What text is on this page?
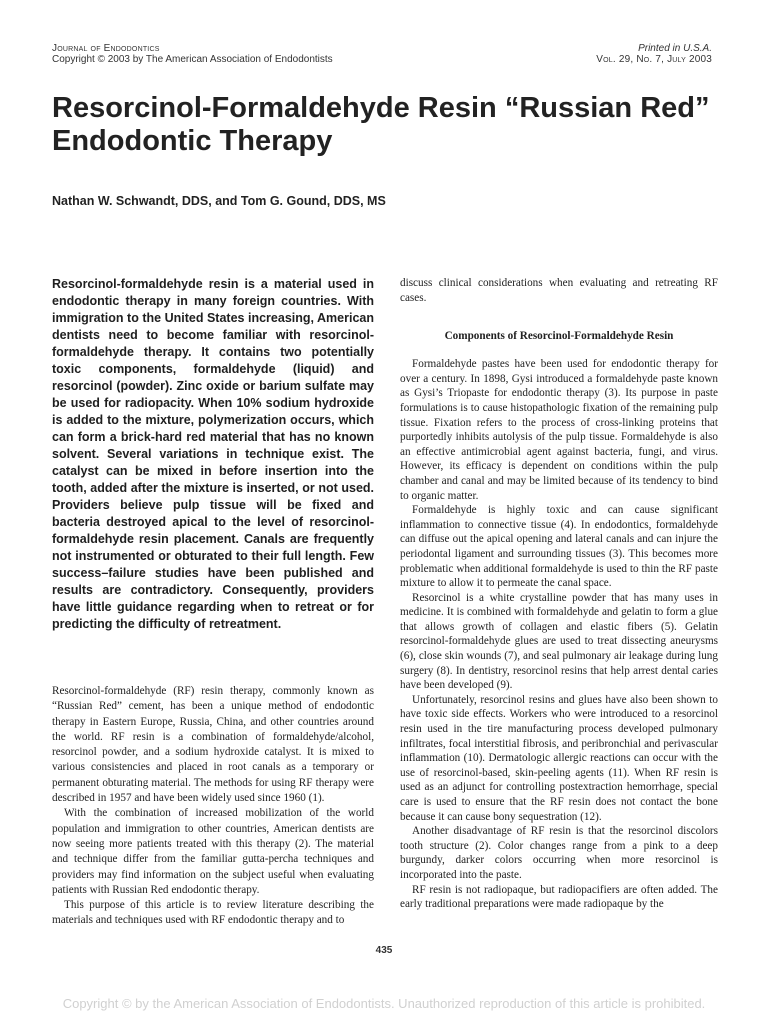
Journal of Endodontics
Copyright © 2003 by The American Association of Endodontists
Printed in U.S.A.
Vol. 29, No. 7, July 2003
Resorcinol-Formaldehyde Resin “Russian Red” Endodontic Therapy
Nathan W. Schwandt, DDS, and Tom G. Gound, DDS, MS
Resorcinol-formaldehyde resin is a material used in endodontic therapy in many foreign countries. With immigration to the United States increasing, American dentists need to become familiar with resorcinol-formaldehyde therapy. It contains two potentially toxic components, formaldehyde (liquid) and resorcinol (powder). Zinc oxide or barium sulfate may be used for radiopacity. When 10% sodium hydroxide is added to the mixture, polymerization occurs, which can form a brick-hard red material that has no known solvent. Several variations in technique exist. The catalyst can be mixed in before insertion into the tooth, added after the mixture is inserted, or not used. Providers believe pulp tissue will be fixed and bacteria destroyed apical to the level of resorcinol-formaldehyde resin placement. Canals are frequently not instrumented or obturated to their full length. Few success–failure studies have been published and results are contradictory. Consequently, providers have little guidance regarding when to retreat or for predicting the difficulty of retreatment.

Resorcinol-formaldehyde (RF) resin therapy, commonly known as “Russian Red” cement, has been a unique method of endodontic therapy in Eastern Europe, Russia, China, and other countries around the world. RF resin is a combination of formaldehyde/alcohol, resorcinol powder, and a sodium hydroxide catalyst. It is mixed to various consistencies and placed in root canals as a temporary or permanent obturating material. The methods for using RF therapy were described in 1957 and have been widely used since 1960 (1).

With the combination of increased mobilization of the world population and immigration to other countries, American dentists are now seeing more patients treated with this therapy (2). The material and technique differ from the familiar gutta-percha techniques and providers may find information on the subject useful when evaluating patients with Russian Red endodontic therapy.

This purpose of this article is to review literature describing the materials and techniques used with RF endodontic therapy and to

discuss clinical considerations when evaluating and retreating RF cases.

Components of Resorcinol-Formaldehyde Resin

Formaldehyde pastes have been used for endodontic therapy for over a century. In 1898, Gysi introduced a formaldehyde paste known as Gysi’s Triopaste for endodontic therapy (3). Its purpose in paste formulations is to cause histopathologic fixation of the remaining pulp tissue. Fixation refers to the process of cross-linking proteins that purportedly inhibits autolysis of the pulp tissue. Formaldehyde is also an effective antimicrobial agent against bacteria, fungi, and virus. However, its efficacy is dependent on conditions within the pulp chamber and canal and may be limited because of its tendency to bind to organic matter.

Formaldehyde is highly toxic and can cause significant inflammation to connective tissue (4). In endodontics, formaldehyde can diffuse out the apical opening and lateral canals and can injure the periodontal ligament and surrounding tissues (3). This becomes more problematic when additional formaldehyde is used to thin the RF paste mixture to allow it to permeate the canal space.

Resorcinol is a white crystalline powder that has many uses in medicine. It is combined with formaldehyde and gelatin to form a glue that allows growth of collagen and elastic fibers (5). Gelatin resorcinol-formaldehyde glues are used to treat dissecting aneurysms (6), close skin wounds (7), and seal pulmonary air leakage during lung surgery (8). In dentistry, resorcinol resins that help arrest dental caries have been developed (9).

Unfortunately, resorcinol resins and glues have also been shown to have toxic side effects. Workers who were introduced to a resorcinol resin used in the tire manufacturing process developed pulmonary infiltrates, focal interstitial fibrosis, and peribronchial and perivascular inflammation (10). Dermatologic allergic reactions can occur with the use of resorcinol-based, skin-peeling agents (11). When RF resin is used as an adjunct for controlling postextraction hemorrhage, special care is used to ensure that the RF resin does not contact the bone because it can cause bony sequestration (12).

Another disadvantage of RF resin is that the resorcinol discolors tooth structure (2). Color changes range from a pink to a deep burgundy, darker colors occurring when more resorcinol is incorporated into the paste.

RF resin is not radiopaque, but radiopacifiers are often added. The early traditional preparations were made radiopaque by the

435
Copyright © by the American Association of Endodontists. Unauthorized reproduction of this article is prohibited.
